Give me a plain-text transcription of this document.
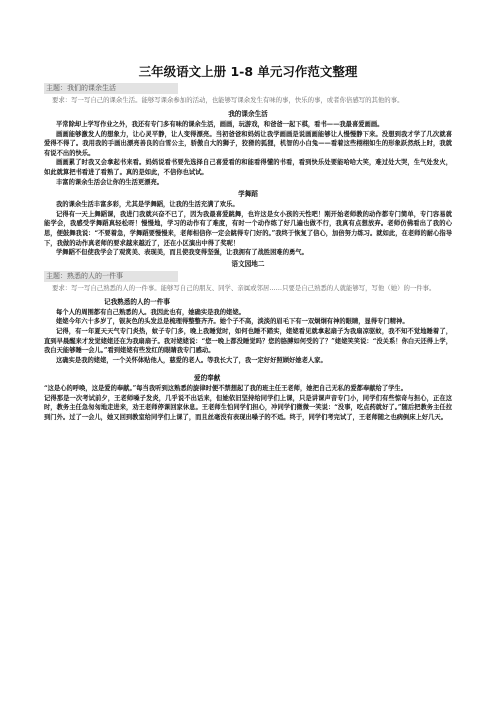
三年级语文上册 1-8 单元习作范文整理
主题：我们的课余生活
要求：写一写自己的课余生活。能够写课余参加的活动，也能够写课余发生有味的事，快乐的事，或者你倍感写的其他的事。
我的课余生活

平常除却上学写作业之外，我还有专门多有味的课余生活，画画，玩游戏，和爸爸一起下棋，看书——我最喜爱画画。

画画能够激发人的想象力，让心灵平静，让人变得漂亮。当初爸爸和妈妈让我学画画是说画画能够让人慢慢静下来。没想到我才学了几次就喜爱得不得了。我用我的手画出漂亮善良的白雪公主，骄傲自大的狮子，狡猾的狐狸，机智的小白兔——看着这些栩栩如生的形象跃然纸上时，我就有说不出的快乐。

画画累了时我又会拿起书来看。妈妈说看书要先选择自己喜爱看的和能看得懂的书看，看到快乐处要能哈哈大笑，难过处大哭，生气处发火，如此就算把书看进了看熟了。真的是如此，不信你也试试。

丰富的课余生活会让你的生活更漂亮。

学舞蹈

我的课余生活丰富多彩，尤其是学舞蹈，让我的生活充满了欢乐。

记得有一天上舞蹈课，我进门我就兴奋不已了，因为我最喜爱跳舞，也许这是女小孩的天性吧！刚开始老师教的动作都专门简单，专门容易就能学会，我感受学舞蹈真轻松呀！慢慢地，学习的动作有了难度，有时一个动作练了好几遍也做不行，我真有点想放弃。老师仿佛看出了我的心思，便鼓舞我说：“不要着急，学舞蹈要慢慢来，老师相信你一定会跳得专门好的。”我终于恢复了信心，加倍努力练习。就如此，在老师的耐心指导下，我做的动作真老师的要求越来越近了，还在小区演出中得了奖呢！

学舞蹈不但使我学会了观赏美、表现美，而且使我变得坚强，让我拥有了战胜困难的勇气。

语文园地二
主题：熟悉的人的一件事
要求：写一写自己熟悉的人的一件事。能够写自己的朋友、同学、亲属或邻居……只要是自己熟悉的人就能够写，写他（她）的一件事。
记我熟悉的人的一件事

每个人的周围都有自己熟悉的人。我因此也有，她确实是我的姥姥。

姥姥今年六十多岁了，银灰色的头发总是梳理得整整齐齐。她个子不高，淡淡的眉毛下有一双炯炯有神的眼睛，显得专门精神。

记得，有一年夏天天气专门炎热，蚊子专门多，晚上我睡觉时，如何也睡不踏实，姥姥看见就拿起扇子为我扇凉驱蚊，我不知不觉地睡着了，直到早晨醒来才发觉姥姥还在为我扇扇子。我对姥姥说：“您一晚上都没睡觉吗？您的胳膊如何受的了？”姥姥笑笑说：“没关系！你白天还得上学，我白天能够睡一会儿。”看到姥姥有些发红的眼睛我专门感动。

这确实是我的姥姥，一个关怀体贴他人，慈爱的老人。等我长大了，我一定好好照顾好她老人家。

爱的奉献

“这是心的呼唤，这是爱的奉献。”每当我听到这熟悉的旋律时便不禁想起了我的班主任王老师，她把自己无私的爱都奉献给了学生。

记得那是一次考试前夕，王老师嗓子发炎，几乎说不出话来，但她依旧坚持给同学们上课，只是讲课声音专门小，同学们有些惊奇与担心，正在这时，教务主任急匆匆地走进来，劝王老师停课回家休息。王老师生怕同学们担心，冲同学们微微一笑说：“没事，吃点药就好了。”随后把教务主任拉到门外。过了一会儿，她又回到教室给同学们上课了，而且丝毫没有表现出嗓子的不适。终于，同学们考完试了，王老师随之也病倒床上好几天。
